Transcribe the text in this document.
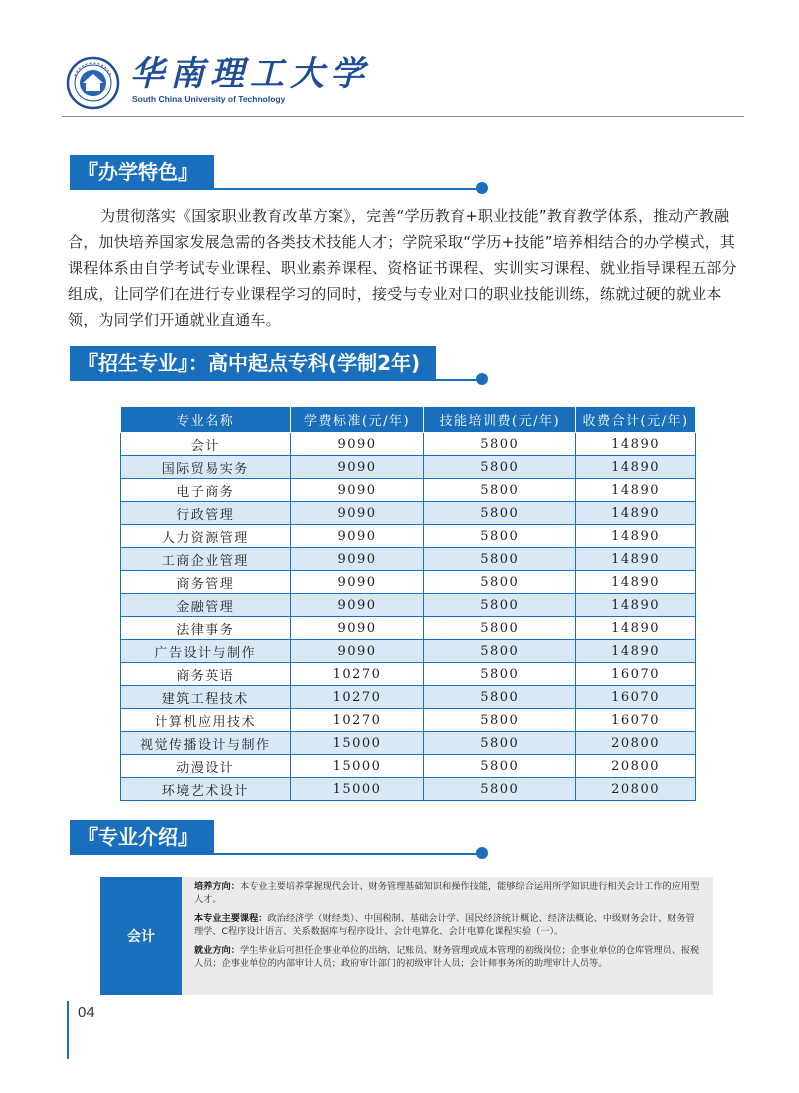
华南理工大学
South China University of Technology
『办学特色』
为贯彻落实《国家职业教育改革方案》，完善“学历教育+职业技能”教育教学体系，推动产教融合，加快培养国家发展急需的各类技术技能人才；学院采取“学历+技能”培养相结合的办学模式，其课程体系由自学考试专业课程、职业素养课程、资格证书课程、实训实习课程、就业指导课程五部分组成，让同学们在进行专业课程学习的同时，接受与专业对口的职业技能训练，练就过硬的就业本领，为同学们开通就业直通车。
『招生专业』：高中起点专科(学制2年)
专业名称	学费标准(元/年)	技能培训费(元/年)	收费合计(元/年)
会计	9090	5800	14890
国际贸易实务	9090	5800	14890
电子商务	9090	5800	14890
行政管理	9090	5800	14890
人力资源管理	9090	5800	14890
工商企业管理	9090	5800	14890
商务管理	9090	5800	14890
金融管理	9090	5800	14890
法律事务	9090	5800	14890
广告设计与制作	9090	5800	14890
商务英语	10270	5800	16070
建筑工程技术	10270	5800	16070
计算机应用技术	10270	5800	16070
视觉传播设计与制作	15000	5800	20800
动漫设计	15000	5800	20800
环境艺术设计	15000	5800	20800
『专业介绍』
会计

培养方向：本专业主要培养掌握现代会计、财务管理基础知识和操作技能，能够综合运用所学知识进行相关会计工作的应用型人才。

本专业主要课程：政治经济学（财经类）、中国税制、基础会计学、国民经济统计概论、经济法概论、中级财务会计、财务管理学、C程序设计语言、关系数据库与程序设计、会计电算化、会计电算化课程实验（一）。

就业方向：学生毕业后可担任企事业单位的出纳、记账员、财务管理或成本管理的初级岗位；企事业单位的仓库管理员、报税人员；企事业单位的内部审计人员；政府审计部门的初级审计人员；会计师事务所的助理审计人员等。

04
